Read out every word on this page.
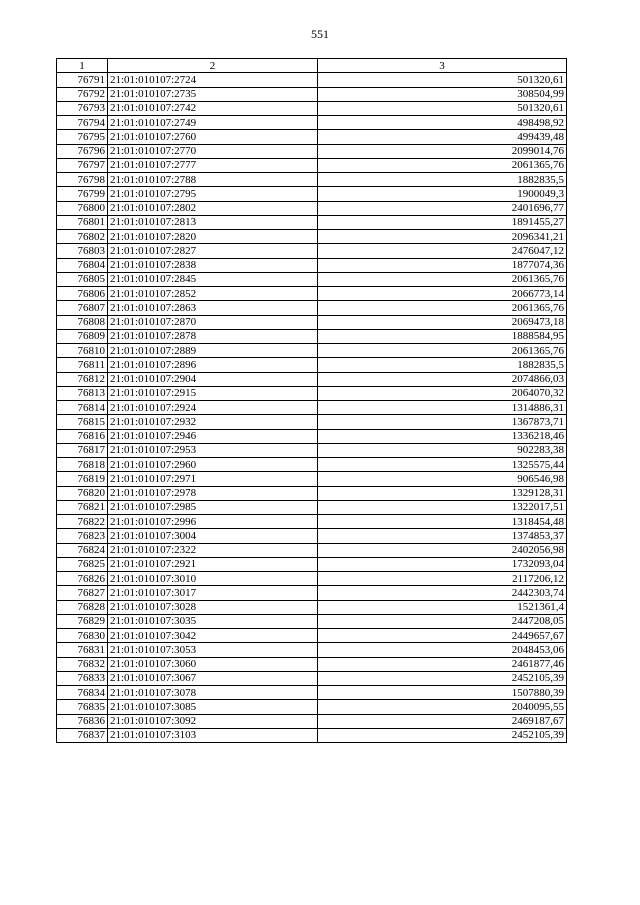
551
1	2	3
76791	21:01:010107:2724	501320,61
76792	21:01:010107:2735	308504,99
76793	21:01:010107:2742	501320,61
76794	21:01:010107:2749	498498,92
76795	21:01:010107:2760	499439,48
76796	21:01:010107:2770	2099014,76
76797	21:01:010107:2777	2061365,76
76798	21:01:010107:2788	1882835,5
76799	21:01:010107:2795	1900049,3
76800	21:01:010107:2802	2401696,77
76801	21:01:010107:2813	1891455,27
76802	21:01:010107:2820	2096341,21
76803	21:01:010107:2827	2476047,12
76804	21:01:010107:2838	1877074,36
76805	21:01:010107:2845	2061365,76
76806	21:01:010107:2852	2066773,14
76807	21:01:010107:2863	2061365,76
76808	21:01:010107:2870	2069473,18
76809	21:01:010107:2878	1888584,95
76810	21:01:010107:2889	2061365,76
76811	21:01:010107:2896	1882835,5
76812	21:01:010107:2904	2074866,03
76813	21:01:010107:2915	2064070,32
76814	21:01:010107:2924	1314886,31
76815	21:01:010107:2932	1367873,71
76816	21:01:010107:2946	1336218,46
76817	21:01:010107:2953	902283,38
76818	21:01:010107:2960	1325575,44
76819	21:01:010107:2971	906546,98
76820	21:01:010107:2978	1329128,31
76821	21:01:010107:2985	1322017,51
76822	21:01:010107:2996	1318454,48
76823	21:01:010107:3004	1374853,37
76824	21:01:010107:2322	2402056,98
76825	21:01:010107:2921	1732093,04
76826	21:01:010107:3010	2117206,12
76827	21:01:010107:3017	2442303,74
76828	21:01:010107:3028	1521361,4
76829	21:01:010107:3035	2447208,05
76830	21:01:010107:3042	2449657,67
76831	21:01:010107:3053	2048453,06
76832	21:01:010107:3060	2461877,46
76833	21:01:010107:3067	2452105,39
76834	21:01:010107:3078	1507880,39
76835	21:01:010107:3085	2040095,55
76836	21:01:010107:3092	2469187,67
76837	21:01:010107:3103	2452105,39
